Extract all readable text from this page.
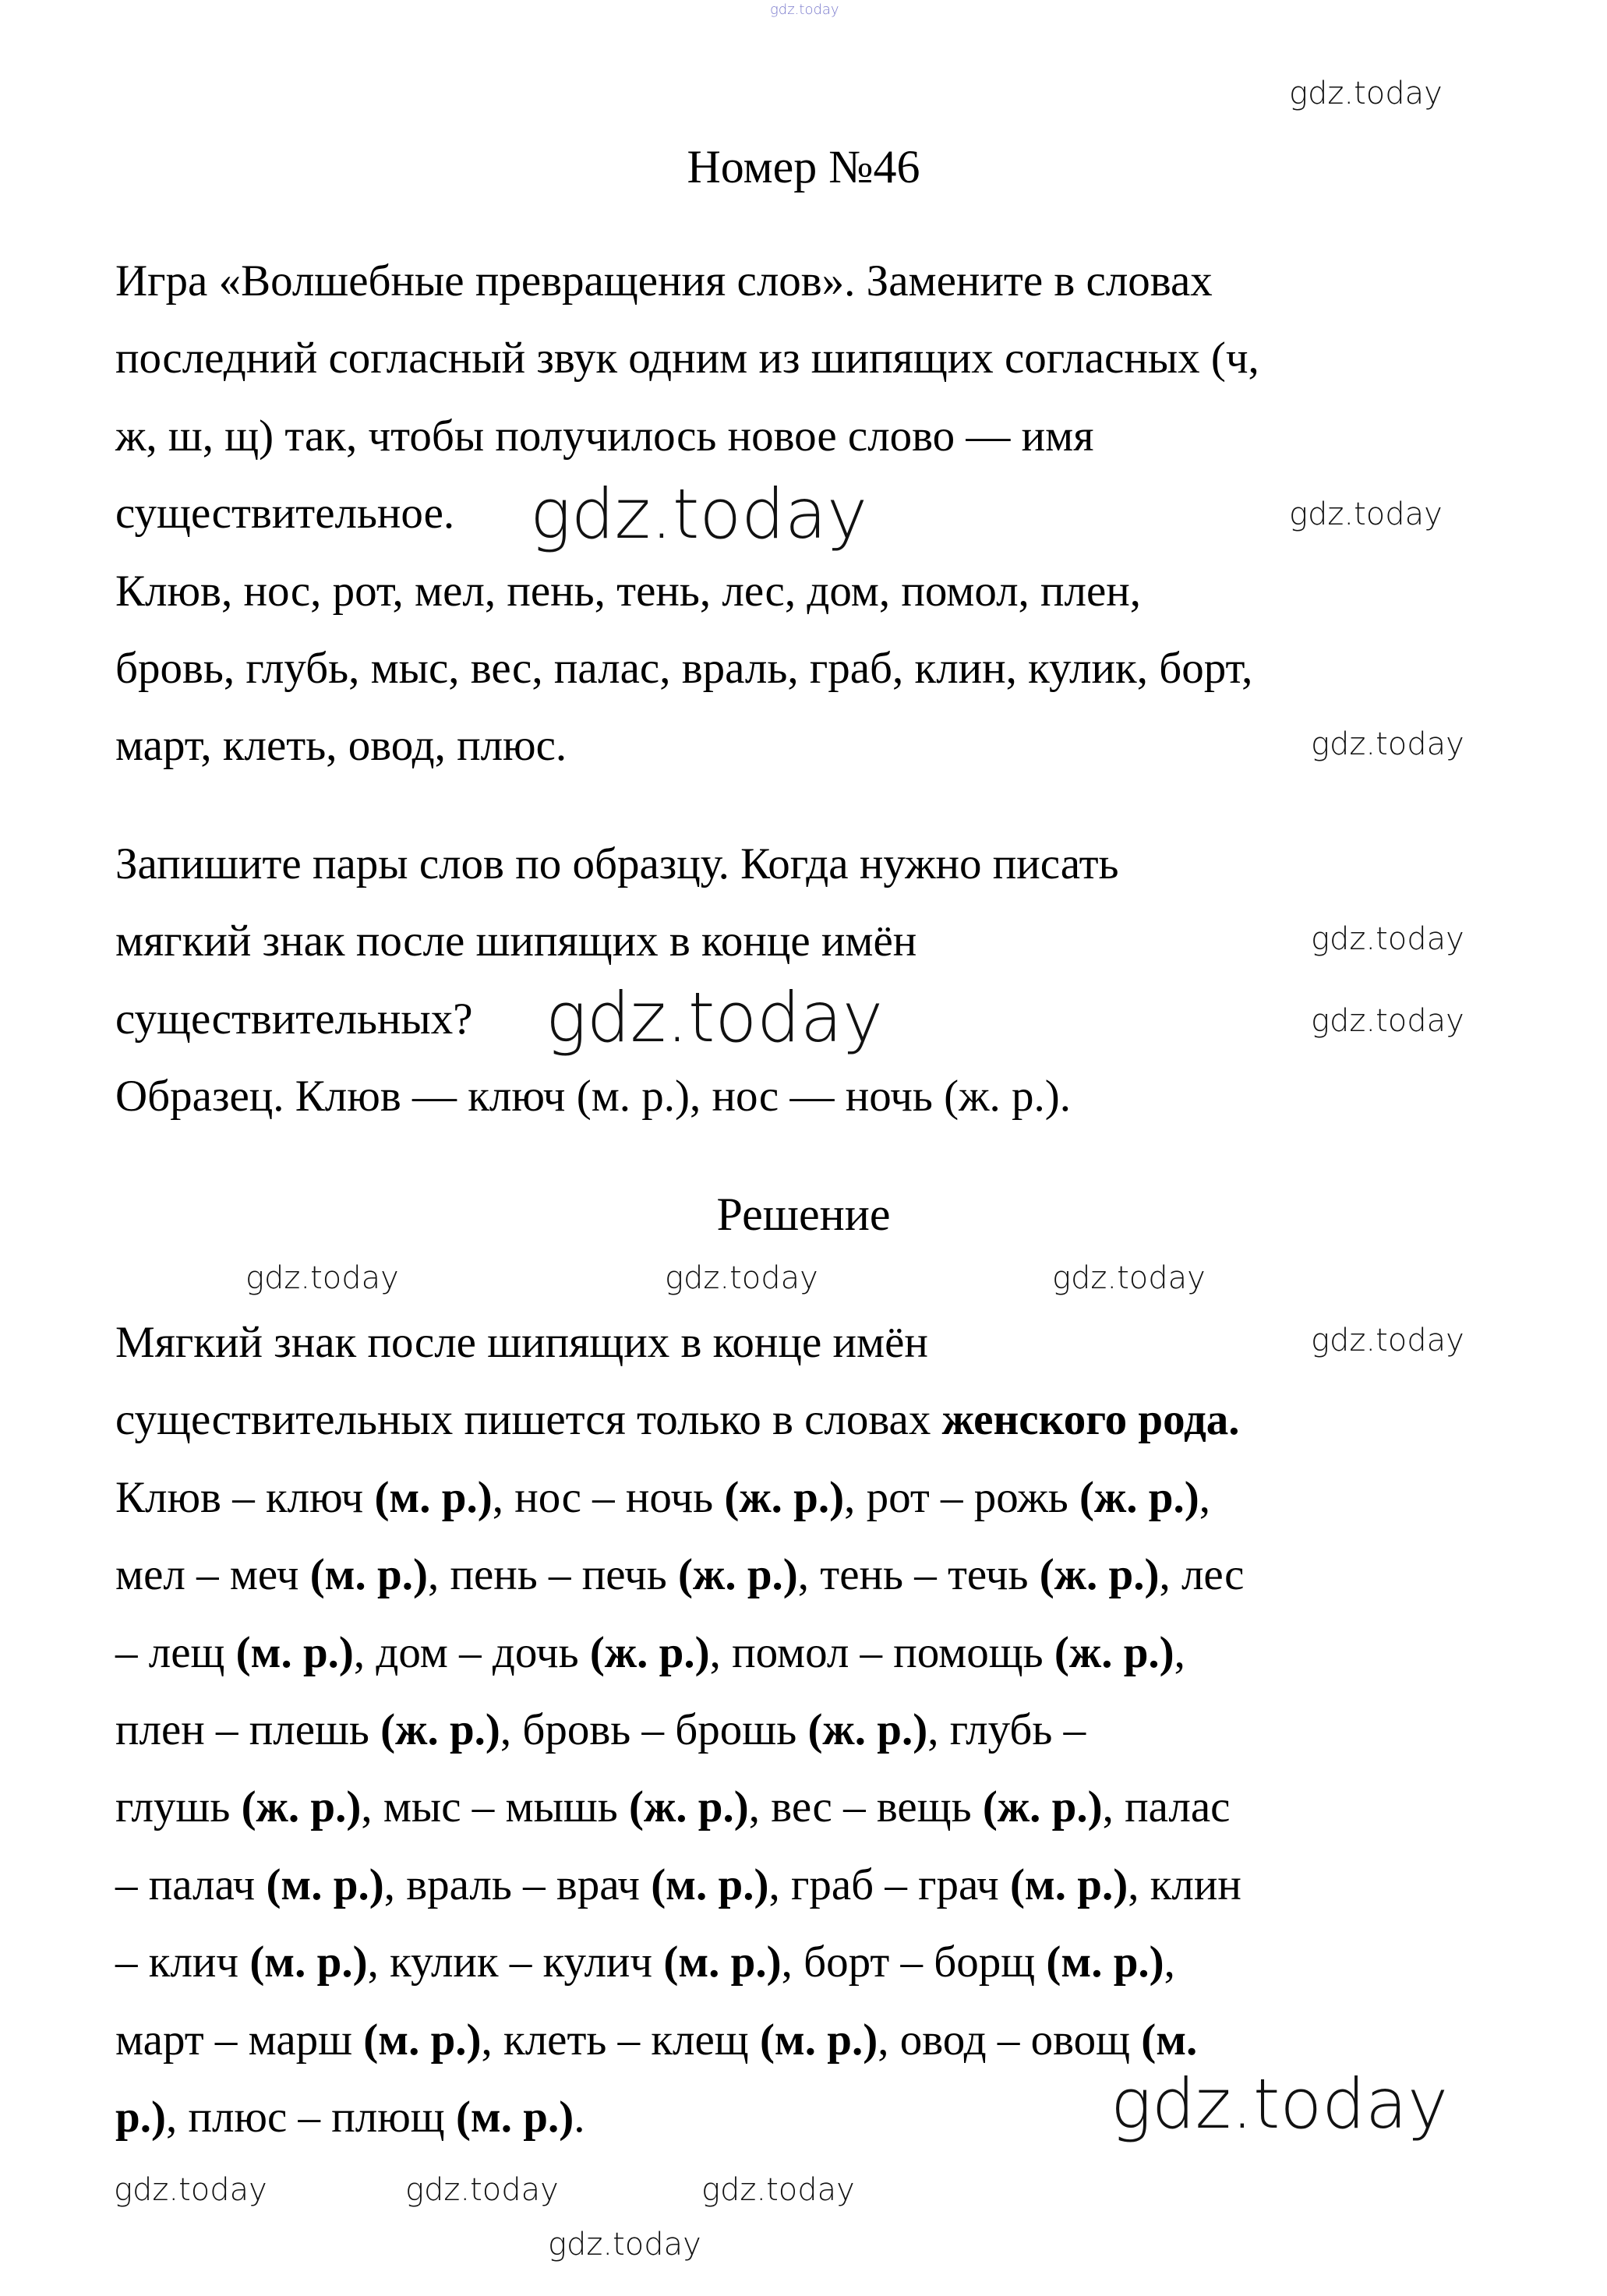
Номер №46
Игра «Волшебные превращения слов». Замените в словах
последний согласный звук одним из шипящих согласных (ч,
ж, ш, щ) так, чтобы получилось новое слово — имя
существительное.
Клюв, нос, рот, мел, пень, тень, лес, дом, помол, плен,
бровь, глубь, мыс, вес, палас, враль, граб, клин, кулик, борт,
март, клеть, овод, плюс.
Запишите пары слов по образцу. Когда нужно писать
мягкий знак после шипящих в конце имён
существительных?
Образец. Клюв — ключ (м. р.), нос — ночь (ж. р.).
Решение
Мягкий знак после шипящих в конце имён
существительных пишется только в словах женского рода.
Клюв – ключ (м. р.), нос – ночь (ж. р.), рот – рожь (ж. р.),
мел – меч (м. р.), пень – печь (ж. р.), тень – течь (ж. р.), лес
– лещ (м. р.), дом – дочь (ж. р.), помол – помощь (ж. р.),
плен – плешь (ж. р.), бровь – брошь (ж. р.), глубь –
глушь (ж. р.), мыс – мышь (ж. р.), вес – вещь (ж. р.), палас
– палач (м. р.), враль – врач (м. р.), граб – грач (м. р.), клин
– клич (м. р.), кулик – кулич (м. р.), борт – борщ (м. р.),
март – марш (м. р.), клеть – клещ (м. р.), овод – овощ (м.
р.), плюс – плющ (м. р.).
gdz.today
gdz.today
gdz.today	gdz.today
gdz.today
gdz.today
gdz.today	gdz.today
gdz.today
gdz.today	gdz.today	gdz.today
gdz.today
gdz.today	gdz.today	gdz.today
gdz.today
